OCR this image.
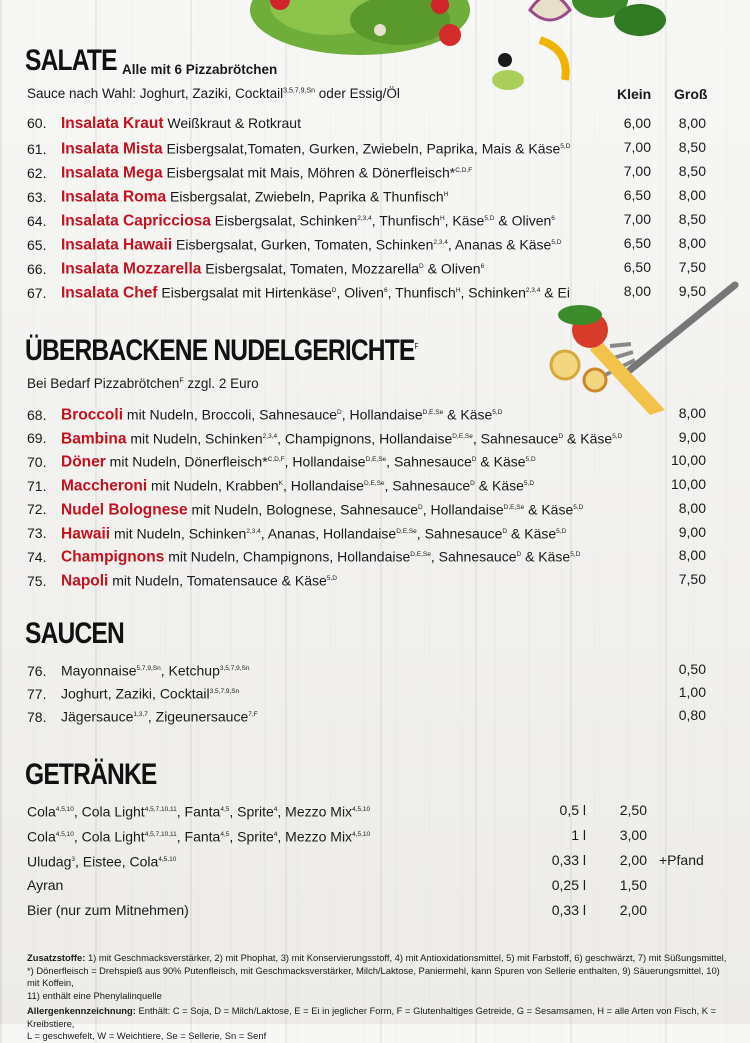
SALATE Alle mit 6 Pizzabrötchen
Sauce nach Wahl: Joghurt, Zaziki, Cocktail$^{3,5,7,9,Sn}$ oder Essig/Öl	Klein Groß
60. Insalata Kraut Weißkraut & Rotkraut	6,00	8,00
61. Insalata Mista Eisbergsalat,Tomaten, Gurken, Zwiebeln, Paprika, Mais & Käse$^{5,D}$	7,00	8,50
62. Insalata Mega Eisbergsalat mit Mais, Möhren & Dönerfleisch*$^{C,D,F}$	7,00	8,50
63. Insalata Roma Eisbergsalat, Zwiebeln, Paprika & Thunfisch$^H$	6,50	8,00
64. Insalata Capricciosa Eisbergsalat, Schinken$^{2,3,4}$, Thunfisch$^H$, Käse$^{5,D}$ & Oliven$^6$	7,00	8,50
65. Insalata Hawaii Eisbergsalat, Gurken, Tomaten, Schinken$^{2,3,4}$, Ananas & Käse$^{5,D}$	6,50	8,00
66. Insalata Mozzarella Eisbergsalat, Tomaten, Mozzarella$^D$ & Oliven$^6$	6,50	7,50
67. Insalata Chef Eisbergsalat mit Hirtenkäse$^D$, Oliven$^6$, Thunfisch$^H$, Schinken$^{2,3,4}$ & Ei	8,00	9,50
ÜBERBACKENE $NUDELGERICHTE^F$
Bei Bedarf Pizzabrötchen$^F$ zzgl. 2 Euro
68. Broccoli mit Nudeln, Broccoli, Sahnesauce$^D$, Hollandaise$^{D,E,Se}$ & Käse$^{5,D}$	8,00
69. Bambina mit Nudeln, Schinken$^{2,3,4}$, Champignons, Hollandaise$^{D,E,Se}$, Sahnesauce$^D$ & Käse$^{5,D}$	9,00
70. Döner mit Nudeln, Dönerfleisch*$^{C,D,F}$, Hollandaise$^{D,E,Se}$, Sahnesauce$^D$ & Käse$^{5,D}$	10,00
71. Maccheroni mit Nudeln, Krabben$^K$, Hollandaise$^{D,E,Se}$, Sahnesauce$^D$ & Käse$^{5,D}$	10,00
72. Nudel Bolognese mit Nudeln, Bolognese, Sahnesauce$^D$, Hollandaise$^{D,E,Se}$ & Käse$^{5,D}$	8,00
73. Hawaii mit Nudeln, Schinken$^{2,3,4}$, Ananas, Hollandaise$^{D,E,Se}$, Sahnesauce$^D$ & Käse$^{5,D}$	9,00
74. Champignons mit Nudeln, Champignons, Hollandaise$^{D,E,Se}$, Sahnesauce$^D$ & Käse$^{5,D}$	8,00
75. Napoli mit Nudeln, Tomatensauce & Käse$^{5,D}$	7,50
SAUCEN
76. Mayonnaise$^{5,7,9,Sn}$, Ketchup$^{3,5,7,9,Sn}$	0,50
77. Joghurt, Zaziki, Cocktail$^{3,5,7,9,Sn}$	1,00
78. Jägersauce$^{1,3,7}$, Zigeunersauce$^{7,F}$	0,80
GETRÄNKE
Cola$^{4,5,10}$, Cola Light$^{4,5,7,10,11}$, Fanta$^{4,5}$, Sprite$^4$, Mezzo Mix$^{4,5,10}$	0,5 l	2,50
Cola$^{4,5,10}$, Cola Light$^{4,5,7,10,11}$, Fanta$^{4,5}$, Sprite$^4$, Mezzo Mix$^{4,5,10}$	1 l	3,00
Uludag$^3$, Eistee, Cola$^{4,5,10}$	0,33 l	2,00 +Pfand
Ayran	0,25 l	1,50
Bier (nur zum Mitnehmen)	0,33 l	2,00
Zusatzstoffe: 1) mit Geschmacksverstärker, 2) mit Phophat, 3) mit Konservierungsstoff, 4) mit Antioxidationsmittel, 5) mit Farbstoff, 6) geschwärzt, 7) mit Süßungsmittel,
*) Dönerfleisch = Drehspieß aus 90% Putenfleisch, mit Geschmacksverstärker, Milch/Laktose, Paniermehl, kann Spuren von Sellerie enthalten, 9) Säuerungsmittel, 10) mit Koffein,
11) enthält eine Phenylalinquelle
Allergenkennzeichnung: Enthält: C = Soja, D = Milch/Laktose, E = Ei in jeglicher Form, F = Glutenhaltiges Getreide, G = Sesamsamen, H = alle Arten von Fisch, K = Kreibstiere,
L = geschwefelt, W = Weichtiere, Se = Sellerie, Sn = Senf
